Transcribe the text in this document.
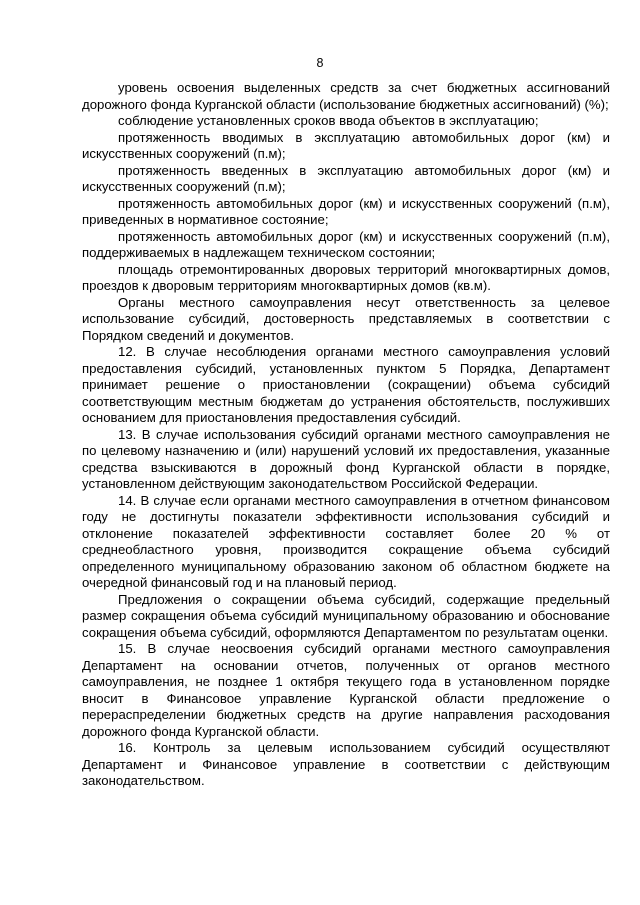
8

уровень освоения выделенных средств за счет бюджетных ассигнований дорожного фонда Курганской области (использование бюджетных ассигнований) (%);

соблюдение установленных сроков ввода объектов в эксплуатацию;

протяженность вводимых в эксплуатацию автомобильных дорог (км) и искусственных сооружений (п.м);

протяженность введенных в эксплуатацию автомобильных дорог (км) и искусственных сооружений (п.м);

протяженность автомобильных дорог (км) и искусственных сооружений (п.м), приведенных в нормативное состояние;

протяженность автомобильных дорог (км) и искусственных сооружений (п.м), поддерживаемых в надлежащем техническом состоянии;

площадь отремонтированных дворовых территорий многоквартирных домов, проездов к дворовым территориям многоквартирных домов (кв.м).

Органы местного самоуправления несут ответственность за целевое использование субсидий, достоверность представляемых в соответствии с Порядком сведений и документов.

12. В случае несоблюдения органами местного самоуправления условий предоставления субсидий, установленных пунктом 5 Порядка, Департамент принимает решение о приостановлении (сокращении) объема субсидий соответствующим местным бюджетам до устранения обстоятельств, послуживших основанием для приостановления предоставления субсидий.

13. В случае использования субсидий органами местного самоуправления не по целевому назначению и (или) нарушений условий их предоставления, указанные средства взыскиваются в дорожный фонд Курганской области в порядке, установленном действующим законодательством Российской Федерации.

14. В случае если органами местного самоуправления в отчетном финансовом году не достигнуты показатели эффективности использования субсидий и отклонение показателей эффективности составляет более 20 % от среднеобластного уровня, производится сокращение объема субсидий определенного муниципальному образованию законом об областном бюджете на очередной финансовый год и на плановый период.

Предложения о сокращении объема субсидий, содержащие предельный размер сокращения объема субсидий муниципальному образованию и обоснование сокращения объема субсидий, оформляются Департаментом по результатам оценки.

15. В случае неосвоения субсидий органами местного самоуправления Департамент на основании отчетов, полученных от органов местного самоуправления, не позднее 1 октября текущего года в установленном порядке вносит в Финансовое управление Курганской области предложение о перераспределении бюджетных средств на другие направления расходования дорожного фонда Курганской области.

16. Контроль за целевым использованием субсидий осуществляют Департамент и Финансовое управление в соответствии с действующим законодательством.
